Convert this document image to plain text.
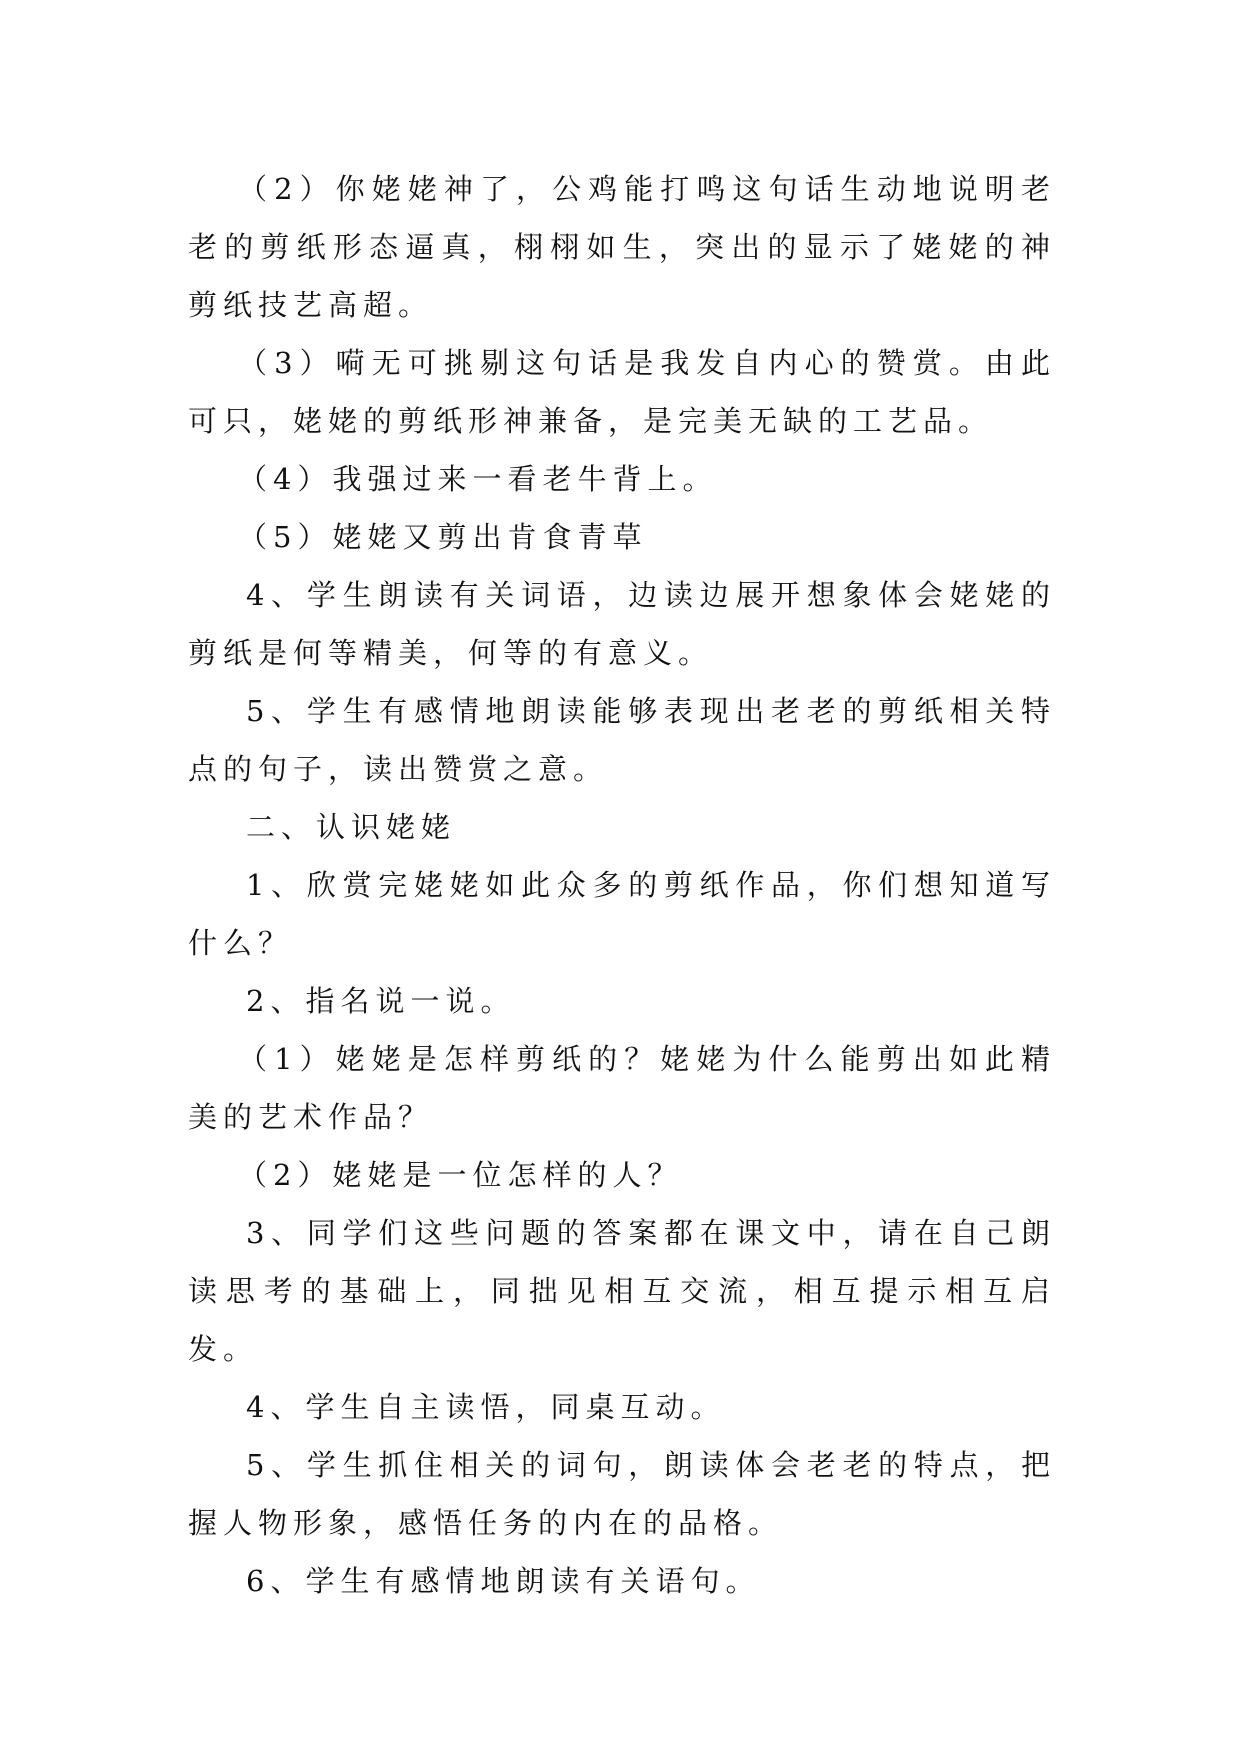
（2）你姥姥神了，公鸡能打鸣这句话生动地说明老老的剪纸形态逼真，栩栩如生，突出的显示了姥姥的神剪纸技艺高超。

（3）嗬无可挑剔这句话是我发自内心的赞赏。由此可只，姥姥的剪纸形神兼备，是完美无缺的工艺品。

（4）我强过来一看老牛背上。

（5）姥姥又剪出肯食青草

4、学生朗读有关词语，边读边展开想象体会姥姥的剪纸是何等精美，何等的有意义。

5、学生有感情地朗读能够表现出老老的剪纸相关特点的句子，读出赞赏之意。

二、认识姥姥

1、欣赏完姥姥如此众多的剪纸作品，你们想知道写什么？

2、指名说一说。

（1）姥姥是怎样剪纸的？姥姥为什么能剪出如此精美的艺术作品？

（2）姥姥是一位怎样的人？

3、同学们这些问题的答案都在课文中，请在自己朗读思考的基础上，同拙见相互交流，相互提示相互启发。

4、学生自主读悟，同桌互动。

5、学生抓住相关的词句，朗读体会老老的特点，把握人物形象，感悟任务的内在的品格。

6、学生有感情地朗读有关语句。
